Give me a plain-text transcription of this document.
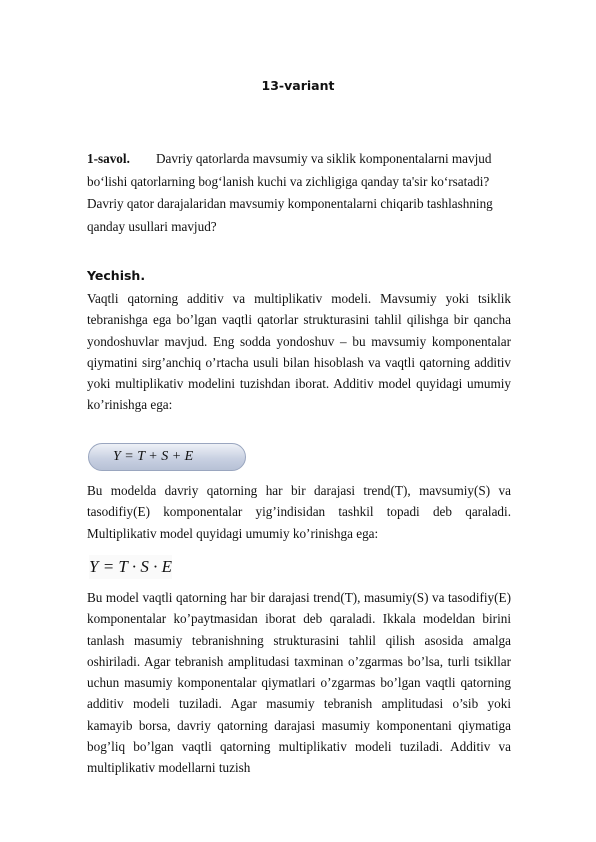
13-variant
1-savol. Davriy qatorlarda mavsumiy va siklik komponentalarni mavjud
bo‘lishi qatorlarning bog‘lanish kuchi va zichligiga qanday ta'sir ko‘rsatadi?
Davriy qator darajalaridan mavsumiy komponentalarni chiqarib tashlashning
qanday usullari mavjud?
Yechish.
Vaqtli qatorning additiv va multiplikativ modeli. Mavsumiy yoki tsiklik tebranishga ega bo’lgan vaqtli qatorlar strukturasini tahlil qilishga bir qancha yondoshuvlar mavjud. Eng sodda yondoshuv – bu mavsumiy komponentalar qiymatini sirg’anchiq o’rtacha usuli bilan hisoblash va vaqtli qatorning additiv yoki multiplikativ modelini tuzishdan iborat. Additiv model quyidagi umumiy ko’rinishga ega:
Y = T + S + E
Bu modelda davriy qatorning har bir darajasi trend(T), mavsumiy(S) va tasodifiy(E) komponentalar yig’indisidan tashkil topadi deb qaraladi. Multiplikativ model quyidagi umumiy ko’rinishga ega:
Y = T · S · E
Bu model vaqtli qatorning har bir darajasi trend(T), masumiy(S) va tasodifiy(E) komponentalar ko’paytmasidan iborat deb qaraladi. Ikkala modeldan birini tanlash masumiy tebranishning strukturasini tahlil qilish asosida amalga oshiriladi. Agar tebranish amplitudasi taxminan o’zgarmas bo’lsa, turli tsikllar uchun masumiy komponentalar qiymatlari o’zgarmas bo’lgan vaqtli qatorning additiv modeli tuziladi. Agar masumiy tebranish amplitudasi o’sib yoki kamayib borsa, davriy qatorning darajasi masumiy komponentani qiymatiga bog’liq bo’lgan vaqtli qatorning multiplikativ modeli tuziladi. Additiv va multiplikativ modellarni tuzish
